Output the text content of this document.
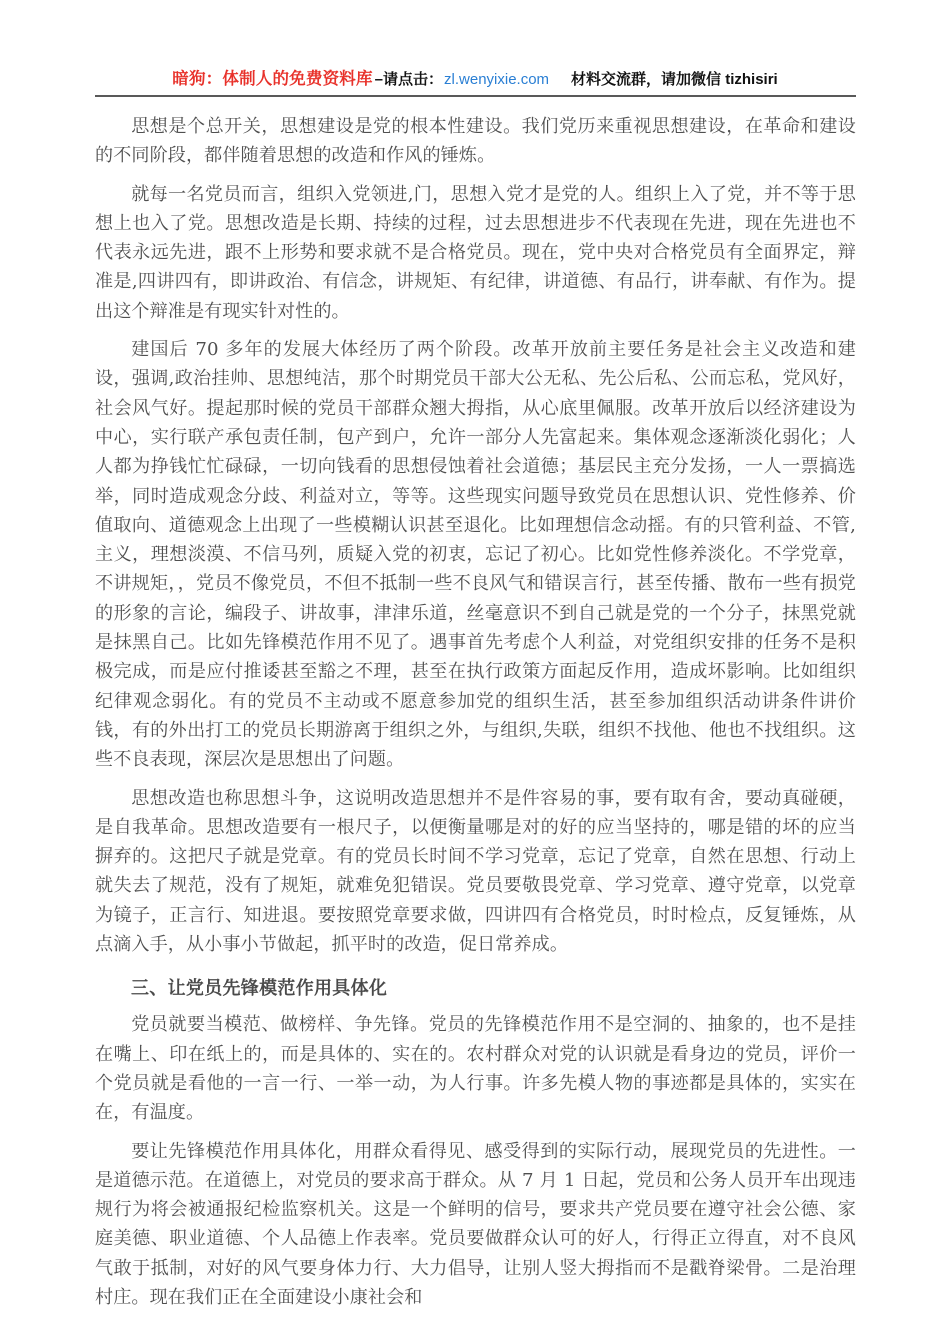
暗狗：体制人的免费资料库 –请点击：zl.wenyixie.com 材料交流群，请加微信 tizhisiri

思想是个总开关，思想建设是党的根本性建设。我们党历来重视思想建设，在革命和建设的不同阶段，都伴随着思想的改造和作风的锤炼。

就每一名党员而言，组织入党领进,门，思想入党才是党的人。组织上入了党，并不等于思想上也入了党。思想改造是长期、持续的过程，过去思想进步不代表现在先进，现在先进也不代表永远先进，跟不上形势和要求就不是合格党员。现在，党中央对合格党员有全面界定，辩准是,四讲四有，即讲政治、有信念，讲规矩、有纪律，讲道德、有品行，讲奉献、有作为。提出这个辩准是有现实针对性的。

建国后 70 多年的发展大体经历了两个阶段。改革开放前主要任务是社会主义改造和建设，强调,政治挂帅、思想纯洁，那个时期党员干部大公无私、先公后私、公而忘私，党风好，社会风气好。提起那时候的党员干部群众翘大拇指，从心底里佩服。改革开放后以经济建设为中心，实行联产承包责任制，包产到户，允许一部分人先富起来。集体观念逐渐淡化弱化；人人都为挣钱忙忙碌碌，一切向钱看的思想侵蚀着社会道德；基层民主充分发扬，一人一票搞选举，同时造成观念分歧、利益对立，等等。这些现实问题导致党员在思想认识、党性修养、价值取向、道德观念上出现了一些模糊认识甚至退化。比如理想信念动摇。有的只管利益、不管,主义，理想淡漠、不信马列，质疑入党的初衷，忘记了初心。比如党性修养淡化。不学党章，不讲规矩，，党员不像党员，不但不抵制一些不良风气和错误言行，甚至传播、散布一些有损党的形象的言论，编段子、讲故事，津津乐道，丝毫意识不到自己就是党的一个分子，抹黑党就是抹黑自己。比如先锋模范作用不见了。遇事首先考虑个人利益，对党组织安排的任务不是积极完成，而是应付推诿甚至豁之不理，甚至在执行政策方面起反作用，造成坏影响。比如组织纪律观念弱化。有的党员不主动或不愿意参加党的组织生活，甚至参加组织活动讲条件讲价钱，有的外出打工的党员长期游离于组织之外，与组织,失联，组织不找他、他也不找组织。这些不良表现，深层次是思想出了问题。

思想改造也称思想斗争，这说明改造思想并不是件容易的事，要有取有舍，要动真碰硬，是自我革命。思想改造要有一根尺子，以便衡量哪是对的好的应当坚持的，哪是错的坏的应当摒弃的。这把尺子就是党章。有的党员长时间不学习党章，忘记了党章，自然在思想、行动上就失去了规范，没有了规矩，就难免犯错误。党员要敬畏党章、学习党章、遵守党章，以党章为镜子，正言行、知进退。要按照党章要求做，四讲四有合格党员，时时检点，反复锤炼，从点滴入手，从小事小节做起，抓平时的改造，促日常养成。

三、让党员先锋模范作用具体化

党员就要当模范、做榜样、争先锋。党员的先锋模范作用不是空洞的、抽象的，也不是挂在嘴上、印在纸上的，而是具体的、实在的。农村群众对党的认识就是看身边的党员，评价一个党员就是看他的一言一行、一举一动，为人行事。许多先模人物的事迹都是具体的，实实在在，有温度。

要让先锋模范作用具体化，用群众看得见、感受得到的实际行动，展现党员的先进性。一是道德示范。在道德上，对党员的要求高于群众。从 7 月 1 日起，党员和公务人员开车出现违规行为将会被通报纪检监察机关。这是一个鲜明的信号，要求共产党员要在遵守社会公德、家庭美德、职业道德、个人品德上作表率。党员要做群众认可的好人，行得正立得直，对不良风气敢于抵制，对好的风气要身体力行、大力倡导，让别人竖大拇指而不是戳脊梁骨。二是治理村庄。现在我们正在全面建设小康社会和
